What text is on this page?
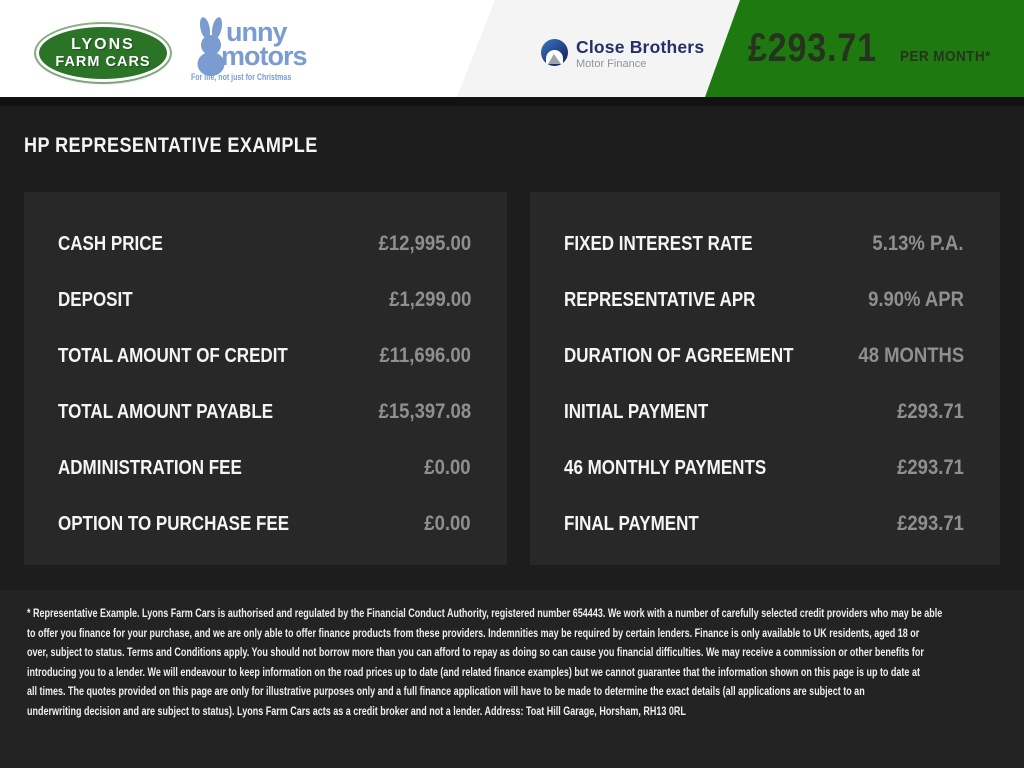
LYONS
FARM CARS
unny
motors
For life, not just for Christmas
Close Brothers
Motor Finance	£293.71 PER MONTH*
HP REPRESENTATIVE EXAMPLE
CASH PRICE	£12,995.00
DEPOSIT	£1,299.00
TOTAL AMOUNT OF CREDIT	£11,696.00
TOTAL AMOUNT PAYABLE	£15,397.08
ADMINISTRATION FEE	£0.00
OPTION TO PURCHASE FEE	£0.00
FIXED INTEREST RATE	5.13% P.A.
REPRESENTATIVE APR	9.90% APR
DURATION OF AGREEMENT	48 MONTHS
INITIAL PAYMENT	£293.71
46 MONTHLY PAYMENTS	£293.71
FINAL PAYMENT	£293.71
* Representative Example. Lyons Farm Cars is authorised and regulated by the Financial Conduct Authority, registered number 654443. We work with a number of carefully selected credit providers who may be able
to offer you finance for your purchase, and we are only able to offer finance products from these providers. Indemnities may be required by certain lenders. Finance is only available to UK residents, aged 18 or
over, subject to status. Terms and Conditions apply. You should not borrow more than you can afford to repay as doing so can cause you financial difficulties. We may receive a commission or other benefits for
introducing you to a lender. We will endeavour to keep information on the road prices up to date (and related finance examples) but we cannot guarantee that the information shown on this page is up to date at
all times. The quotes provided on this page are only for illustrative purposes only and a full finance application will have to be made to determine the exact details (all applications are subject to an
underwriting decision and are subject to status). Lyons Farm Cars acts as a credit broker and not a lender. Address: Toat Hill Garage, Horsham, RH13 0RL
